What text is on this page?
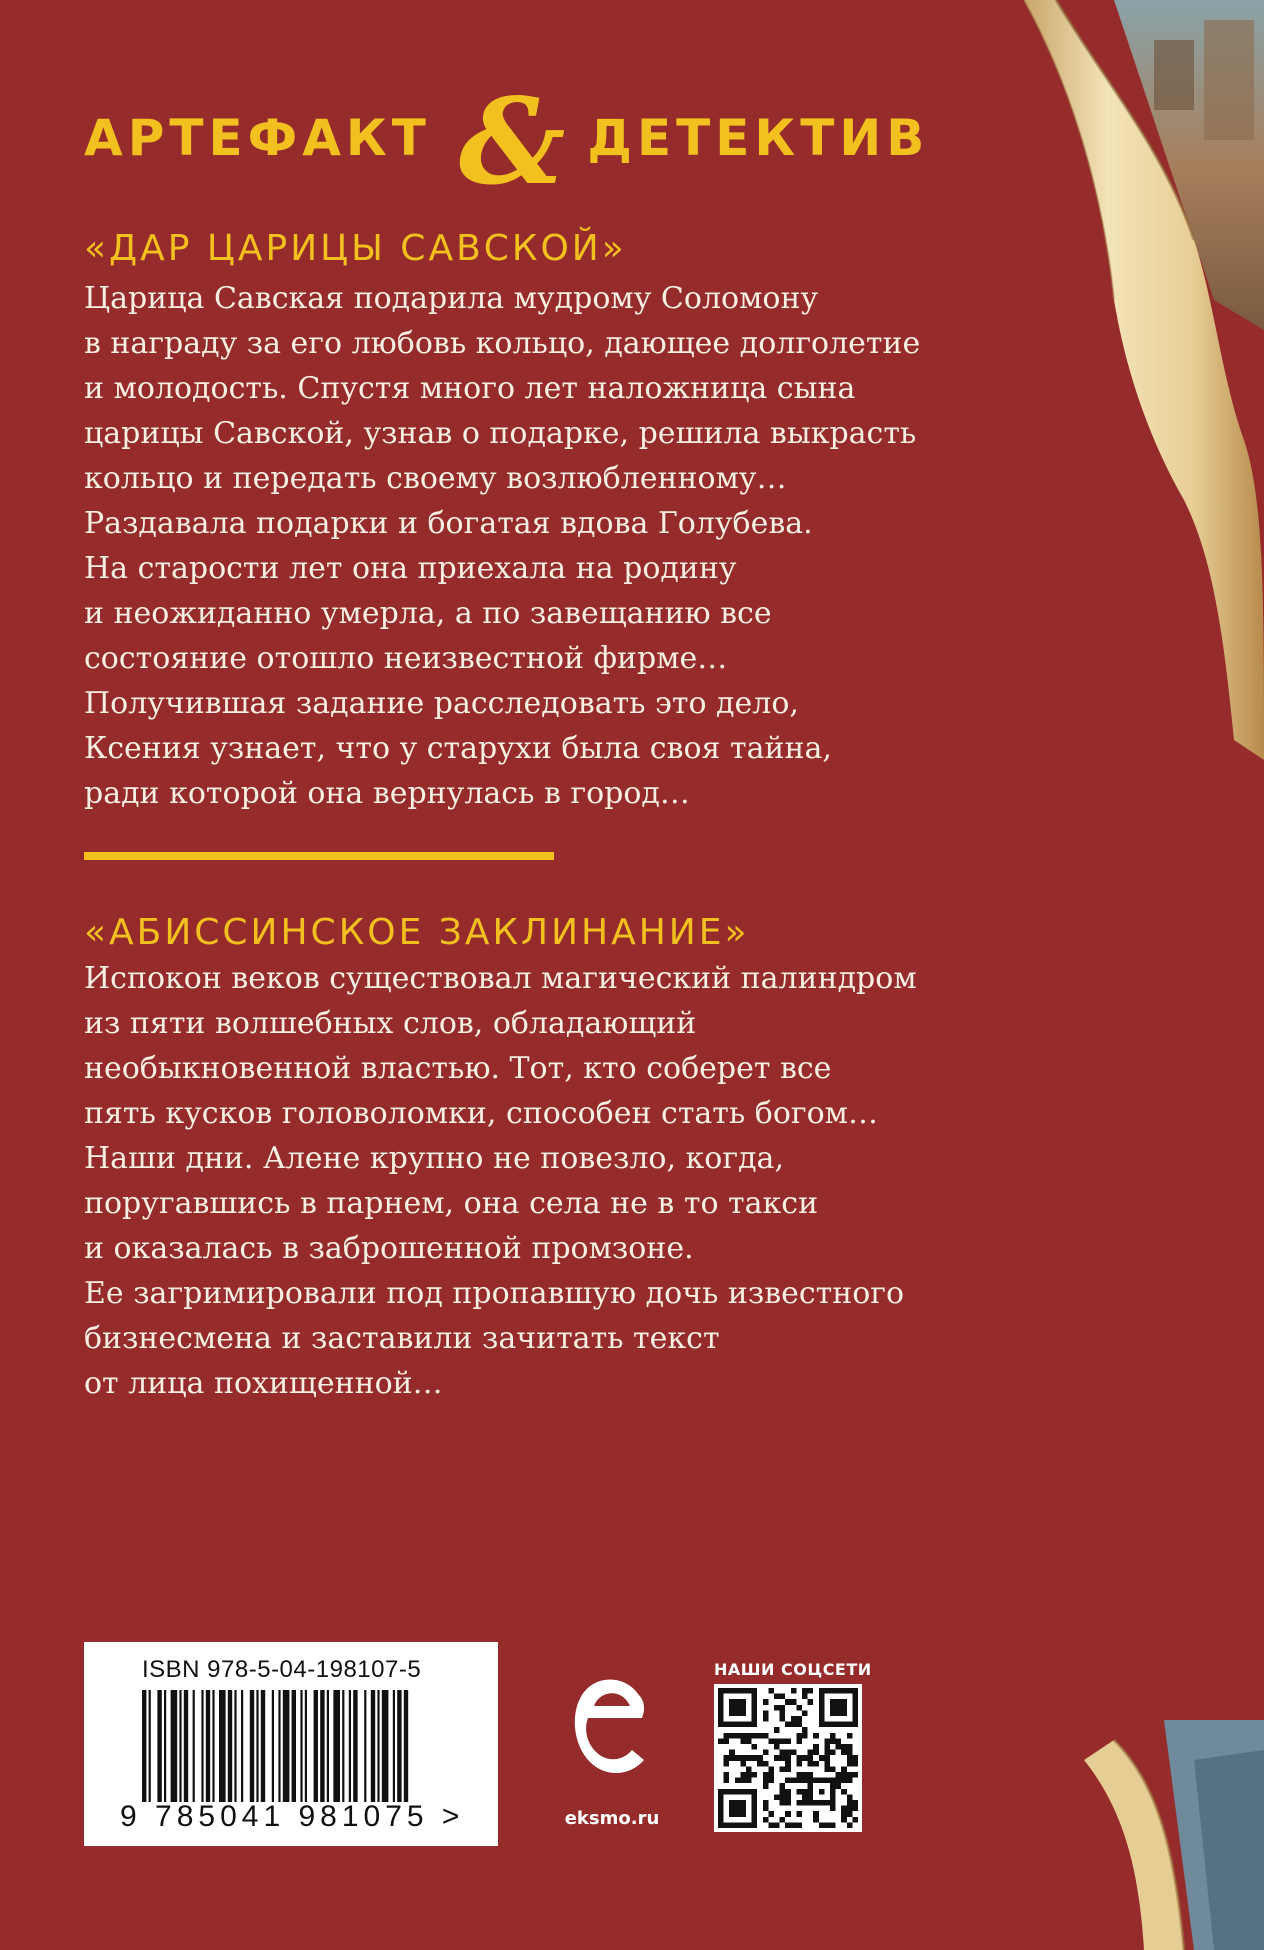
АРТЕФАКТ & ДЕТЕКТИВ
«ДАР ЦАРИЦЫ САВСКОЙ»
Царица Савская подарила мудрому Соломону
в награду за его любовь кольцо, дающее долголетие
и молодость. Спустя много лет наложница сына
царицы Савской, узнав о подарке, решила выкрасть
кольцо и передать своему возлюбленному…
Раздавала подарки и богатая вдова Голубева.
На старости лет она приехала на родину
и неожиданно умерла, а по завещанию все
состояние отошло неизвестной фирме…
Получившая задание расследовать это дело,
Ксения узнает, что у старухи была своя тайна,
ради которой она вернулась в город…
«АБИССИНСКОЕ ЗАКЛИНАНИЕ»
Испокон веков существовал магический палиндром
из пяти волшебных слов, обладающий
необыкновенной властью. Тот, кто соберет все
пять кусков головоломки, способен стать богом…
Наши дни. Алене крупно не повезло, когда,
поругавшись в парнем, она села не в то такси
и оказалась в заброшенной промзоне.
Ее загримировали под пропавшую дочь известного
бизнесмена и заставили зачитать текст
от лица похищенной…
ISBN 978-5-04-198107-5
9 785041 981075 >	eksmo.ru
НАШИ СОЦСЕТИ
